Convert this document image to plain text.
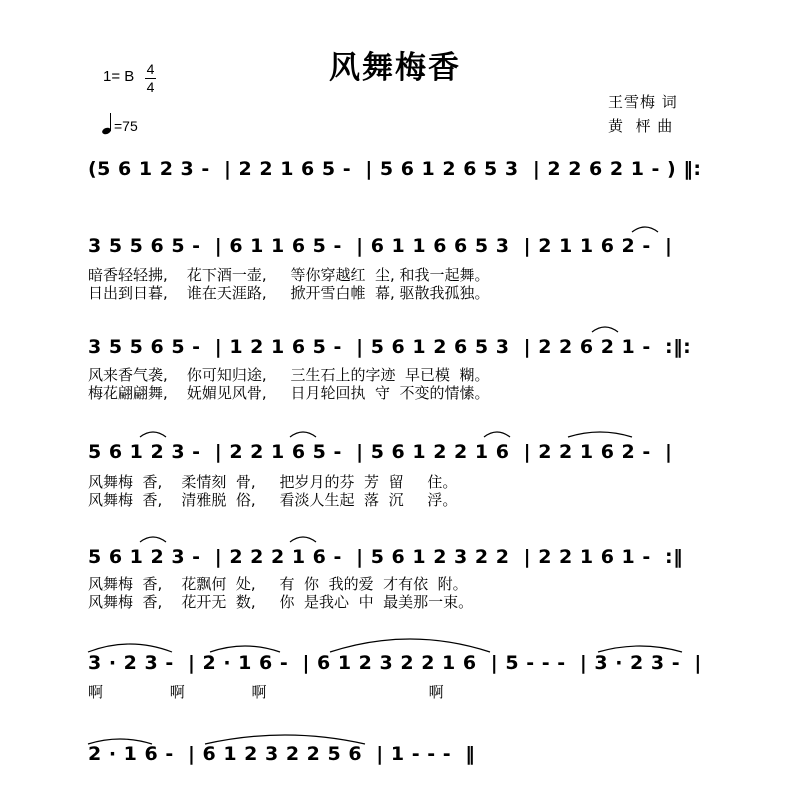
风舞梅香
1= B 4
4
=75
王雪梅 词
黄  枰 曲
(5 6 1 2 3 -  | 2 2 1 6 5 -  | 5 6 1 2 6 5 3  | 2 2 6 2 1 - ) ‖:
3 5 5 6 5 -  | 6 1 1 6 5 -  | 6 1 1 6 6 5 3  | 2 1 1 6 2 -  |
暗香轻轻拂,    花下酒一壶,     等你穿越红  尘, 和我一起舞。
日出到日暮,    谁在天涯路,     掀开雪白帷  幕, 驱散我孤独。
3 5 5 6 5 -  | 1 2 1 6 5 -  | 5 6 1 2 6 5 3  | 2 2 6 2 1 -  :‖:
风来香气袭,    你可知归途,     三生石上的字迹  早已模  糊。
梅花翩翩舞,    妩媚见风骨,     日月轮回执  守  不变的情愫。
5 6 1 2 3 -  | 2 2 1 6 5 -  | 5 6 1 2 2 1 6  | 2 2 1 6 2 -  |
风舞梅  香,    柔情刻  骨,     把岁月的芬  芳  留     住。
风舞梅  香,    清雅脱  俗,     看淡人生起  落  沉     浮。
5 6 1 2 3 -  | 2 2 2 1 6 -  | 5 6 1 2 3 2 2  | 2 2 1 6 1 -  :‖
风舞梅  香,    花飘何  处,     有  你  我的爱  才有依  附。
风舞梅  香,    花开无  数,     你  是我心  中  最美那一束。
3 · 2 3 -  | 2 · 1 6 -  | 6 1 2 3 2 2 1 6  | 5 - - -  | 3 · 2 3 -  |
啊              啊              啊                                  啊
2 · 1 6 -  | 6 1 2 3 2 2 5 6  | 1 - - -  ‖
